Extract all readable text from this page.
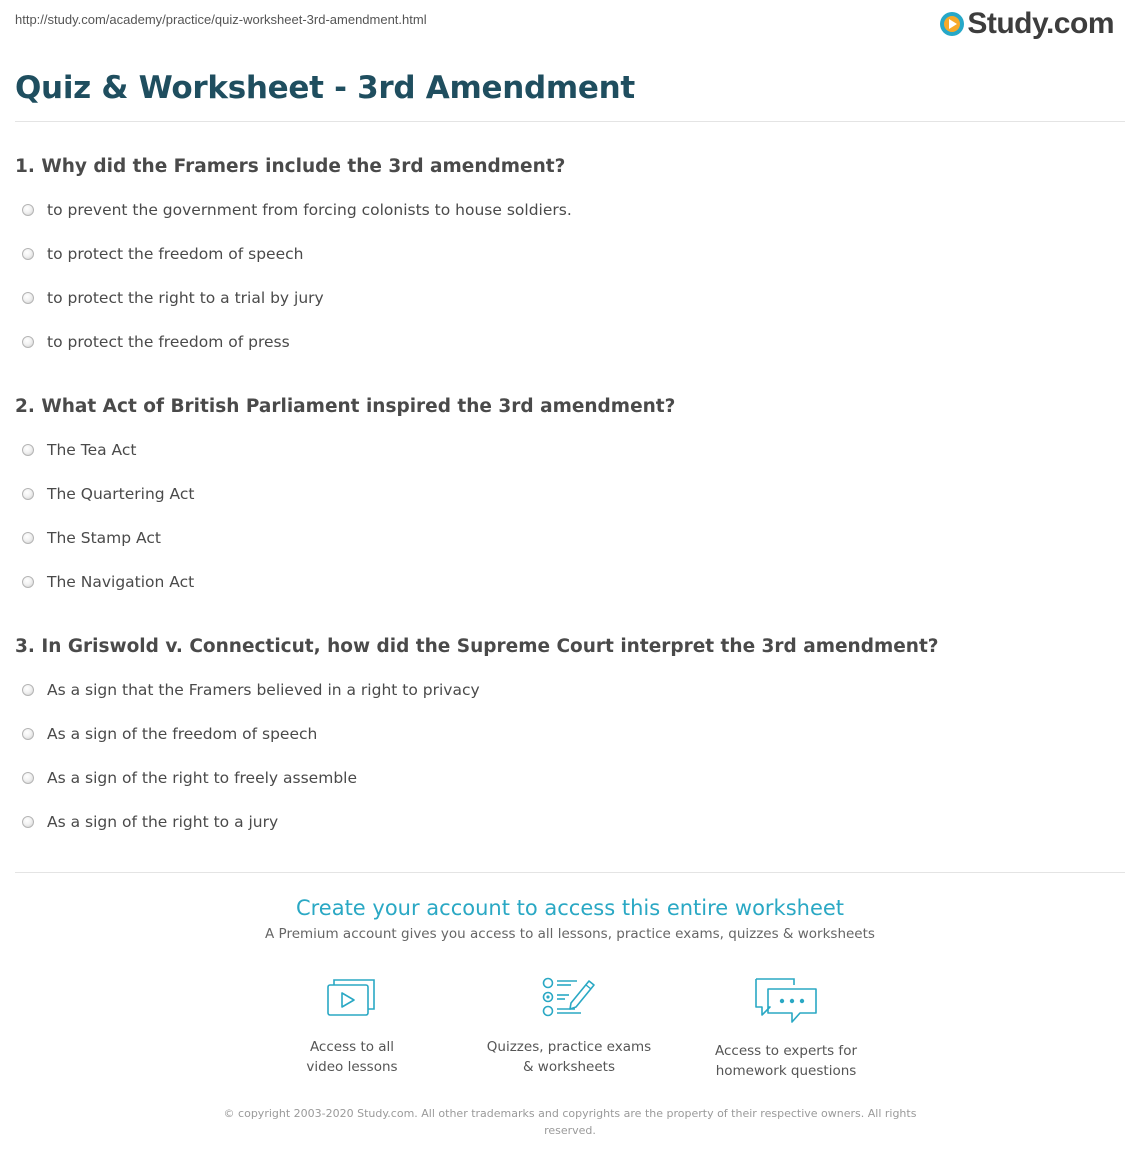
http://study.com/academy/practice/quiz-worksheet-3rd-amendment.html	Study.com
Quiz & Worksheet - 3rd Amendment
1. Why did the Framers include the 3rd amendment?
to prevent the government from forcing colonists to house soldiers.
to protect the freedom of speech
to protect the right to a trial by jury
to protect the freedom of press
2. What Act of British Parliament inspired the 3rd amendment?
The Tea Act
The Quartering Act
The Stamp Act
The Navigation Act
3. In Griswold v. Connecticut, how did the Supreme Court interpret the 3rd amendment?
As a sign that the Framers believed in a right to privacy
As a sign of the freedom of speech
As a sign of the right to freely assemble
As a sign of the right to a jury
Create your account to access this entire worksheet
A Premium account gives you access to all lessons, practice exams, quizzes & worksheets
Access to all
video lessons
Quizzes, practice exams
& worksheets
Access to experts for
homework questions
© copyright 2003-2020 Study.com. All other trademarks and copyrights are the property of their respective owners. All rights
reserved.
